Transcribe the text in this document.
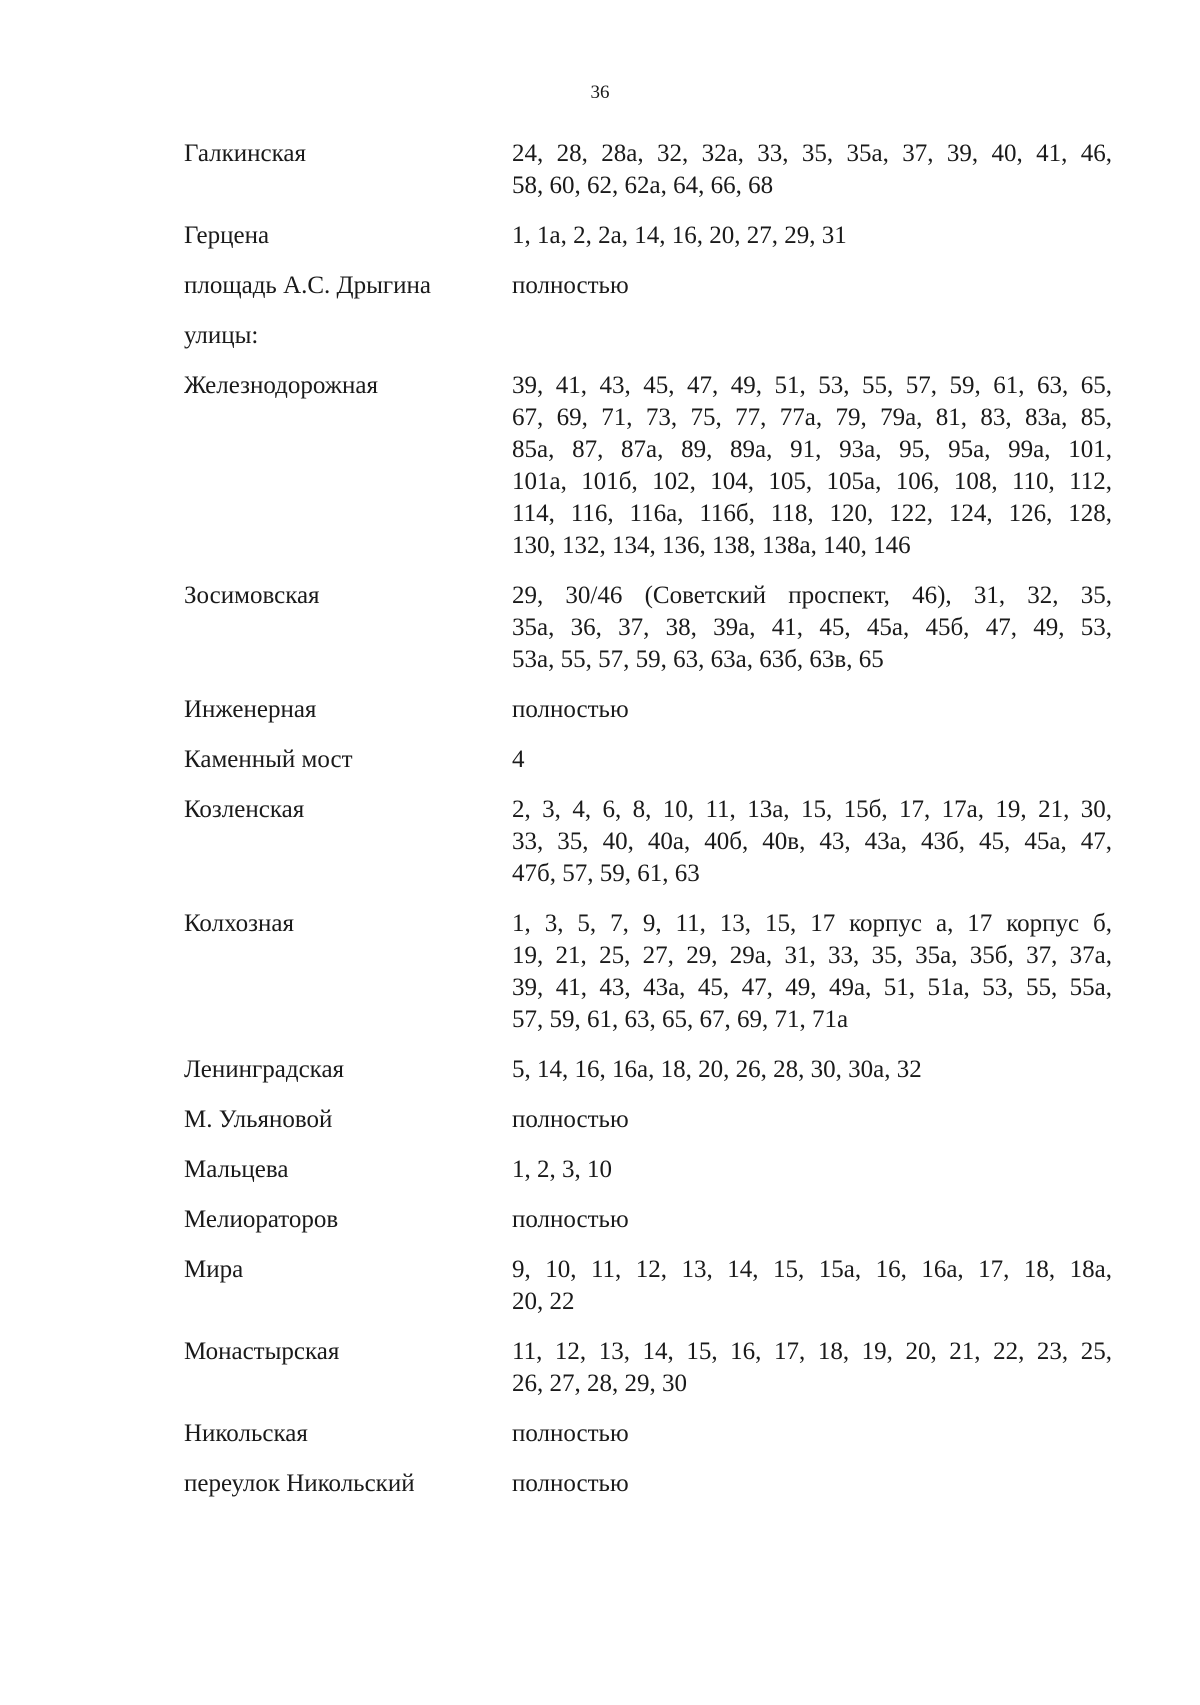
36
Галкинская	24, 28, 28а, 32, 32а, 33, 35, 35а, 37, 39, 40, 41, 46,
58, 60, 62, 62а, 64, 66, 68
Герцена	1, 1а, 2, 2а, 14, 16, 20, 27, 29, 31
площадь А.С. Дрыгина	полностью
улицы:
Железнодорожная	39, 41, 43, 45, 47, 49, 51, 53, 55, 57, 59, 61, 63, 65,
67, 69, 71, 73, 75, 77, 77а, 79, 79а, 81, 83, 83а, 85,
85а, 87, 87а, 89, 89а, 91, 93а, 95, 95а, 99а, 101,
101а, 101б, 102, 104, 105, 105а, 106, 108, 110, 112,
114, 116, 116а, 116б, 118, 120, 122, 124, 126, 128,
130, 132, 134, 136, 138, 138а, 140, 146
Зосимовская	29, 30/46 (Советский проспект, 46), 31, 32, 35,
35а, 36, 37, 38, 39а, 41, 45, 45а, 45б, 47, 49, 53,
53а, 55, 57, 59, 63, 63а, 63б, 63в, 65
Инженерная	полностью
Каменный мост	4
Козленская	2, 3, 4, 6, 8, 10, 11, 13а, 15, 15б, 17, 17а, 19, 21, 30,
33, 35, 40, 40а, 40б, 40в, 43, 43а, 43б, 45, 45а, 47,
47б, 57, 59, 61, 63
Колхозная	1, 3, 5, 7, 9, 11, 13, 15, 17 корпус а, 17 корпус б,
19, 21, 25, 27, 29, 29а, 31, 33, 35, 35а, 35б, 37, 37а,
39, 41, 43, 43а, 45, 47, 49, 49а, 51, 51а, 53, 55, 55а,
57, 59, 61, 63, 65, 67, 69, 71, 71а
Ленинградская	5, 14, 16, 16а, 18, 20, 26, 28, 30, 30а, 32
М. Ульяновой	полностью
Мальцева	1, 2, 3, 10
Мелиораторов	полностью
Мира	9, 10, 11, 12, 13, 14, 15, 15а, 16, 16а, 17, 18, 18а,
20, 22
Монастырская	11, 12, 13, 14, 15, 16, 17, 18, 19, 20, 21, 22, 23, 25,
26, 27, 28, 29, 30
Никольская	полностью
переулок Никольский	полностью
